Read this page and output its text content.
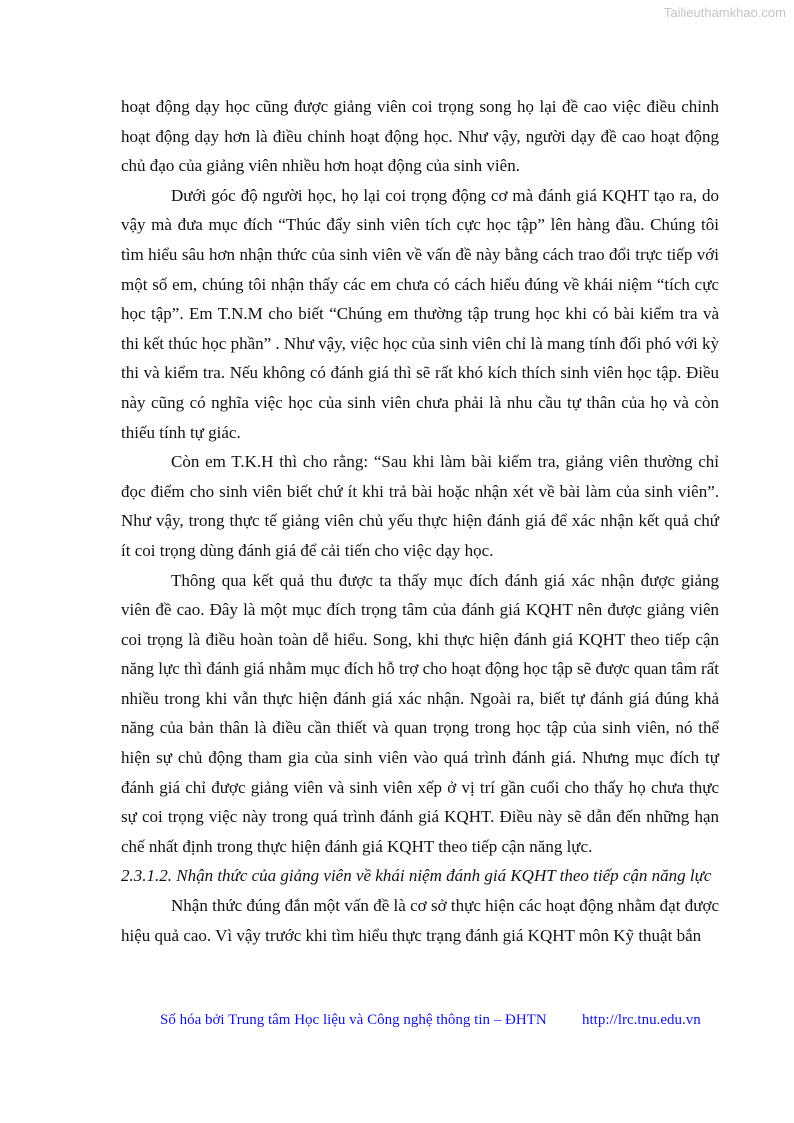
Tailieuthamkhao.com

hoạt động dạy học cũng được giảng viên coi trọng song họ lại đề cao việc điều chỉnh hoạt động dạy hơn là điều chỉnh hoạt động học. Như vậy, người dạy đề cao hoạt động chủ đạo của giảng viên nhiều hơn hoạt động của sinh viên.

Dưới góc độ người học, họ lại coi trọng động cơ mà đánh giá KQHT tạo ra, do vậy mà đưa mục đích “Thúc đẩy sinh viên tích cực học tập” lên hàng đầu. Chúng tôi tìm hiểu sâu hơn nhận thức của sinh viên về vấn đề này bằng cách trao đổi trực tiếp với một số em, chúng tôi nhận thấy các em chưa có cách hiểu đúng về khái niệm “tích cực học tập”. Em T.N.M cho biết “Chúng em thường tập trung học khi có bài kiểm tra và thi kết thúc học phần” . Như vậy, việc học của sinh viên chỉ là mang tính đối phó với kỳ thi và kiểm tra. Nếu không có đánh giá thì sẽ rất khó kích thích sinh viên học tập. Điều này cũng có nghĩa việc học của sinh viên chưa phải là nhu cầu tự thân của họ và còn thiếu tính tự giác.

Còn em T.K.H thì cho rằng: “Sau khi làm bài kiểm tra, giảng viên thường chỉ đọc điểm cho sinh viên biết chứ ít khi trả bài hoặc nhận xét về bài làm của sinh viên”. Như vậy, trong thực tế giảng viên chủ yếu thực hiện đánh giá để xác nhận kết quả chứ ít coi trọng dùng đánh giá để cải tiến cho việc dạy học.

Thông qua kết quả thu được ta thấy mục đích đánh giá xác nhận được giảng viên đề cao. Đây là một mục đích trọng tâm của đánh giá KQHT nên được giảng viên coi trọng là điều hoàn toàn dễ hiểu. Song, khi thực hiện đánh giá KQHT theo tiếp cận năng lực thì đánh giá nhằm mục đích hỗ trợ cho hoạt động học tập sẽ được quan tâm rất nhiều trong khi vẫn thực hiện đánh giá xác nhận. Ngoài ra, biết tự đánh giá đúng khả năng của bản thân là điều cần thiết và quan trọng trong học tập của sinh viên, nó thể hiện sự chủ động tham gia của sinh viên vào quá trình đánh giá. Nhưng mục đích tự đánh giá chỉ được giảng viên và sinh viên xếp ở vị trí gần cuối cho thấy họ chưa thực sự coi trọng việc này trong quá trình đánh giá KQHT. Điều này sẽ dẫn đến những hạn chế nhất định trong thực hiện đánh giá KQHT theo tiếp cận năng lực.

2.3.1.2. Nhận thức của giảng viên về khái niệm đánh giá KQHT theo tiếp cận năng lực

Nhận thức đúng đắn một vấn đề là cơ sở thực hiện các hoạt động nhằm đạt được hiệu quả cao. Vì vậy trước khi tìm hiểu thực trạng đánh giá KQHT môn Kỹ thuật bắn

Số hóa bởi Trung tâm Học liệu và Công nghệ thông tin – ĐHTN http://lrc.tnu.edu.vn
